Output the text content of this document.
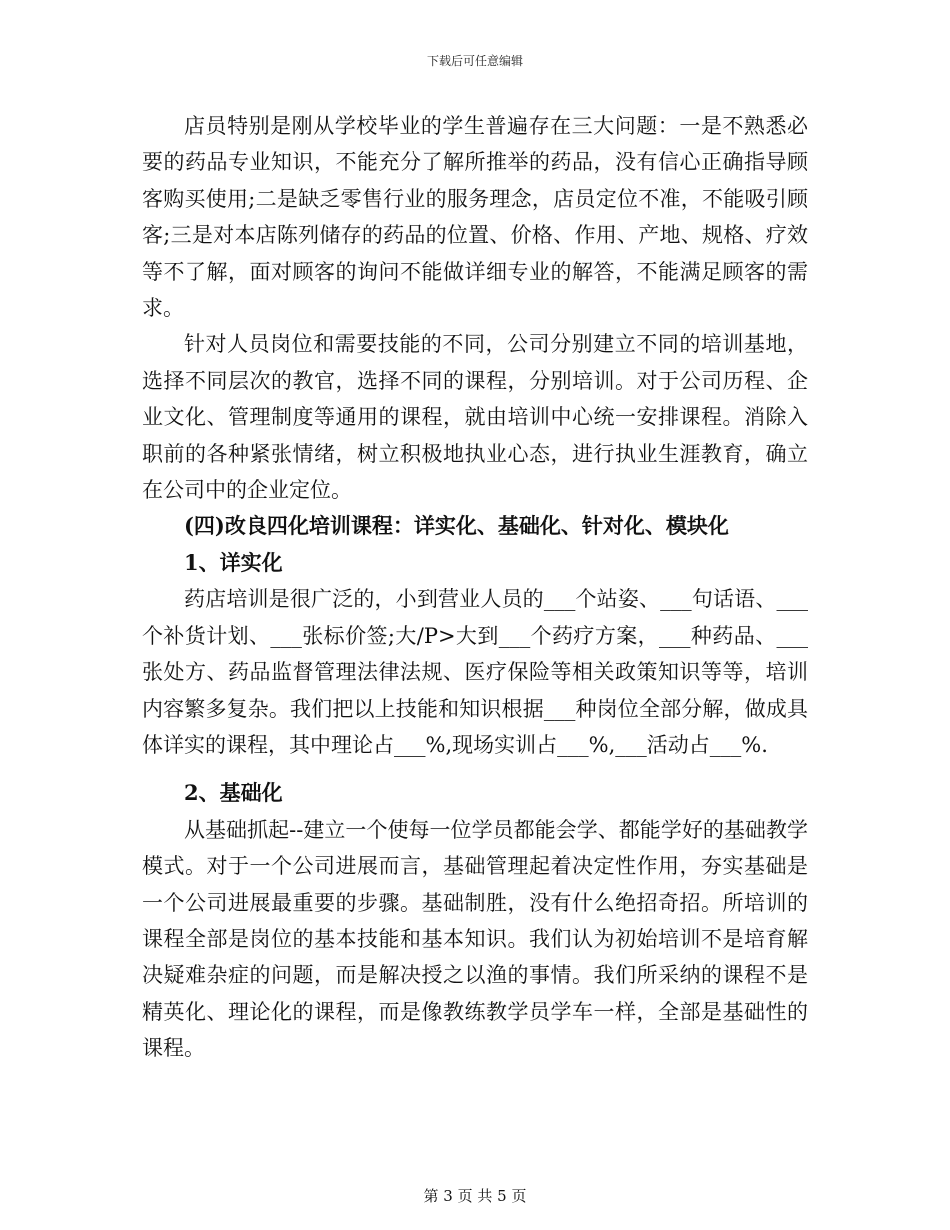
下载后可任意编辑

店员特别是刚从学校毕业的学生普遍存在三大问题：一是不熟悉必要的药品专业知识，不能充分了解所推举的药品，没有信心正确指导顾客购买使用;二是缺乏零售行业的服务理念，店员定位不准，不能吸引顾客;三是对本店陈列储存的药品的位置、价格、作用、产地、规格、疗效等不了解，面对顾客的询问不能做详细专业的解答，不能满足顾客的需求。

针对人员岗位和需要技能的不同，公司分别建立不同的培训基地，选择不同层次的教官，选择不同的课程，分别培训。对于公司历程、企业文化、管理制度等通用的课程，就由培训中心统一安排课程。消除入职前的各种紧张情绪，树立积极地执业心态，进行执业生涯教育，确立在公司中的企业定位。

(四)改良四化培训课程：详实化、基础化、针对化、模块化

1、详实化

药店培训是很广泛的，小到营业人员的___个站姿、___句话语、___个补货计划、___张标价签;大/P>大到___个药疗方案，___种药品、___张处方、药品监督管理法律法规、医疗保险等相关政策知识等等，培训内容繁多复杂。我们把以上技能和知识根据___种岗位全部分解，做成具体详实的课程，其中理论占___%,现场实训占___%,___活动占___%.

2、基础化

从基础抓起--建立一个使每一位学员都能会学、都能学好的基础教学模式。对于一个公司进展而言，基础管理起着决定性作用，夯实基础是一个公司进展最重要的步骤。基础制胜，没有什么绝招奇招。所培训的课程全部是岗位的基本技能和基本知识。我们认为初始培训不是培育解决疑难杂症的问题，而是解决授之以渔的事情。我们所采纳的课程不是精英化、理论化的课程，而是像教练教学员学车一样，全部是基础性的课程。

第 3 页 共 5 页
